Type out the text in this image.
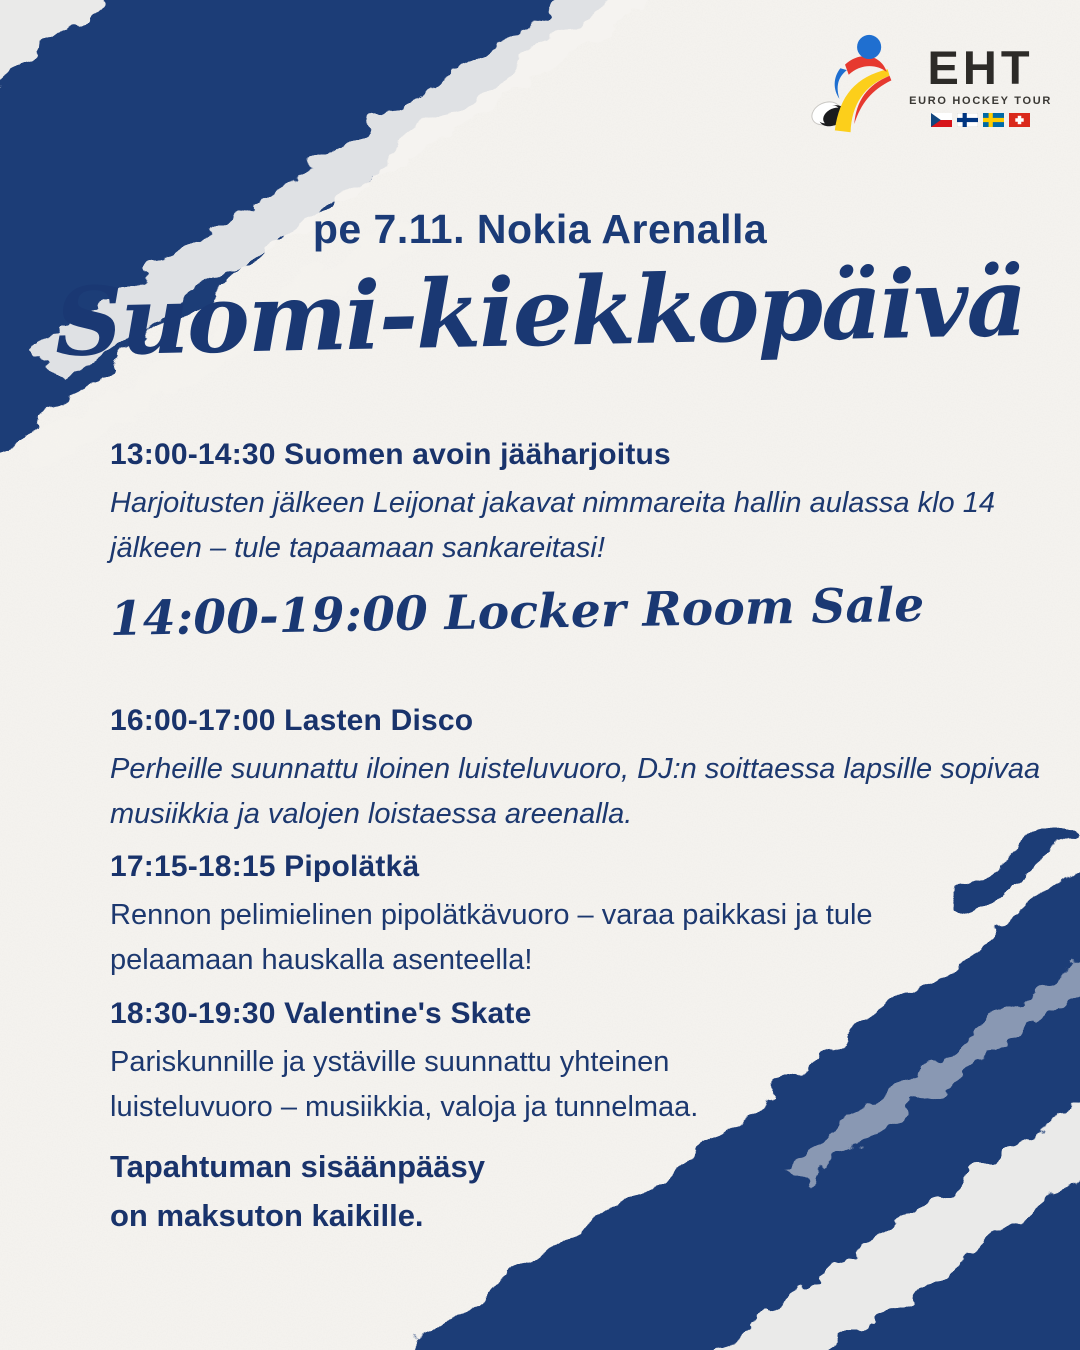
EHT
EURO HOCKEY TOUR
pe 7.11. Nokia Arenalla
Suomi-kiekkopäivä
13:00-14:30 Suomen avoin jääharjoitus

Harjoitusten jälkeen Leijonat jakavat nimmareita hallin aulassa klo 14 jälkeen – tule tapaamaan sankareitasi!

14:00-19:00 Locker Room Sale
16:00-17:00 Lasten Disco

Perheille suunnattu iloinen luisteluvuoro, DJ:n soittaessa lapsille sopivaa musiikkia ja valojen loistaessa areenalla.

17:15-18:15 Pipolätkä

Rennon pelimielinen pipolätkävuoro – varaa paikkasi ja tule pelaamaan hauskalla asenteella!

18:30-19:30 Valentine's Skate

Pariskunnille ja ystäville suunnattu yhteinen luisteluvuoro – musiikkia, valoja ja tunnelmaa.

Tapahtuman sisäänpääsy
on maksuton kaikille.
